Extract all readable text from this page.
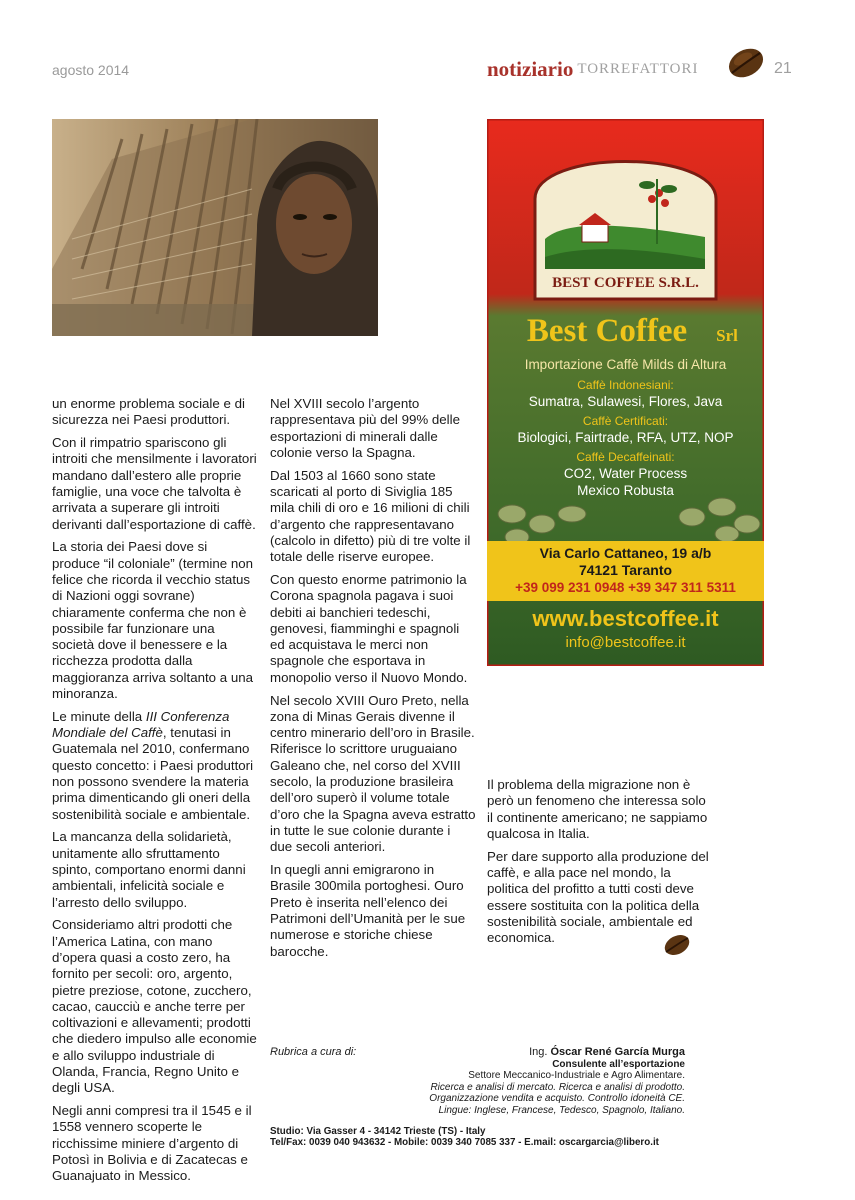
agosto 2014	notiziario TORREFATTORI	21

un enorme problema sociale e di sicurezza nei Paesi produttori.

Con il rimpatrio spariscono gli introiti che mensilmente i lavoratori mandano dall’estero alle proprie famiglie, una voce che talvolta è arrivata a superare gli introiti derivanti dall’esportazione di caffè.

La storia dei Paesi dove si produce “il coloniale” (termine non felice che ricorda il vecchio status di Nazioni oggi sovrane) chiaramente conferma che non è possibile far funzionare una società dove il benessere e la ricchezza prodotta dalla maggioranza arriva soltanto a una minoranza.

Le minute della III Conferenza Mondiale del Caffè, tenutasi in Guatemala nel 2010, confermano questo concetto: i Paesi produttori non possono svendere la materia prima dimenticando gli oneri della sostenibilità sociale e ambientale.

La mancanza della solidarietà, unitamente allo sfruttamento spinto, comportano enormi danni ambientali, infelicità sociale e l’arresto dello sviluppo.

Consideriamo altri prodotti che l’America Latina, con mano d’opera quasi a costo zero, ha fornito per secoli: oro, argento, pietre preziose, cotone, zucchero, cacao, caucciù e anche terre per coltivazioni e allevamenti; prodotti che diedero impulso alle economie e allo sviluppo industriale di Olanda, Francia, Regno Unito e degli USA.

Negli anni compresi tra il 1545 e il 1558 vennero scoperte le ricchissime miniere d’argento di Potosì in Bolivia e di Zacatecas e Guanajuato in Messico.

Nel XVIII secolo l’argento rappresentava più del 99% delle esportazioni di minerali dalle colonie verso la Spagna.

Dal 1503 al 1660 sono state scaricati al porto di Siviglia 185 mila chili di oro e 16 milioni di chili d’argento che rappresentavano (calcolo in difetto) più di tre volte il totale delle riserve europee.

Con questo enorme patrimonio la Corona spagnola pagava i suoi debiti ai banchieri tedeschi, genovesi, fiamminghi e spagnoli ed acquistava le merci non spagnole che esportava in monopolio verso il Nuovo Mondo.

Nel secolo XVIII Ouro Preto, nella zona di Minas Gerais divenne il centro minerario dell’oro in Brasile. Riferisce lo scrittore uruguaiano Galeano che, nel corso del XVIII secolo, la produzione brasileira dell’oro superò il volume totale d’oro che la Spagna aveva estratto in tutte le sue colonie durante i due secoli anteriori.

In quegli anni emigrarono in Brasile 300mila portoghesi. Ouro Preto è inserita nell’elenco dei Patrimoni dell’Umanità per le sue numerose e storiche chiese barocche.

BEST COFFEE S.R.L.
Best Coffee Srl
Importazione Caffè Milds di Altura
Caffè Indonesiani:
Sumatra, Sulawesi, Flores, Java
Caffè Certificati:
Biologici, Fairtrade, RFA, UTZ, NOP
Caffè Decaffeinati:
CO2, Water Process
Mexico Robusta
Via Carlo Cattaneo, 19 a/b
74121 Taranto
+39 099 231 0948 +39 347 311 5311
www.bestcoffee.it
info@bestcoffee.it

Il problema della migrazione non è però un fenomeno che interessa solo il continente americano; ne sappiamo qualcosa in Italia.

Per dare supporto alla produzione del caffè, e alla pace nel mondo, la politica del profitto a tutti costi deve essere sostituita con la politica della sostenibilità sociale, ambientale ed economica.

Rubrica a cura di:	Ing. Óscar René García Murga
Consulente all’esportazione
Settore Meccanico-Industriale e Agro Alimentare.
Ricerca e analisi di mercato. Ricerca e analisi di prodotto.
Organizzazione vendita e acquisto. Controllo idoneità CE.
Lingue: Inglese, Francese, Tedesco, Spagnolo, Italiano.
Studio: Via Gasser 4 - 34142 Trieste (TS) - Italy
Tel/Fax: 0039 040 943632 - Mobile: 0039 340 7085 337 - E.mail: oscargarcia@libero.it
